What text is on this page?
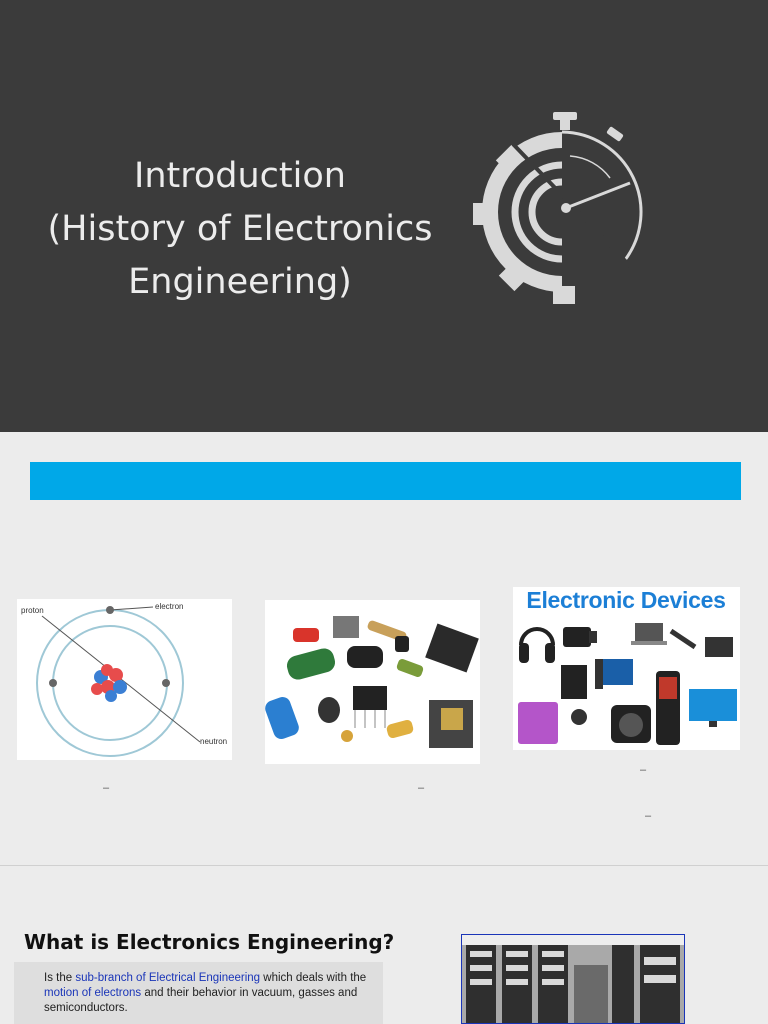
Introduction
(History of Electronics
Engineering)
proton	electron
neutron
Electronic Devices
–	–
–
–
What is Electronics Engineering?
Is the sub-branch of Electrical Engineering which deals with the motion of electrons and their behavior in vacuum, gasses and semiconductors.
